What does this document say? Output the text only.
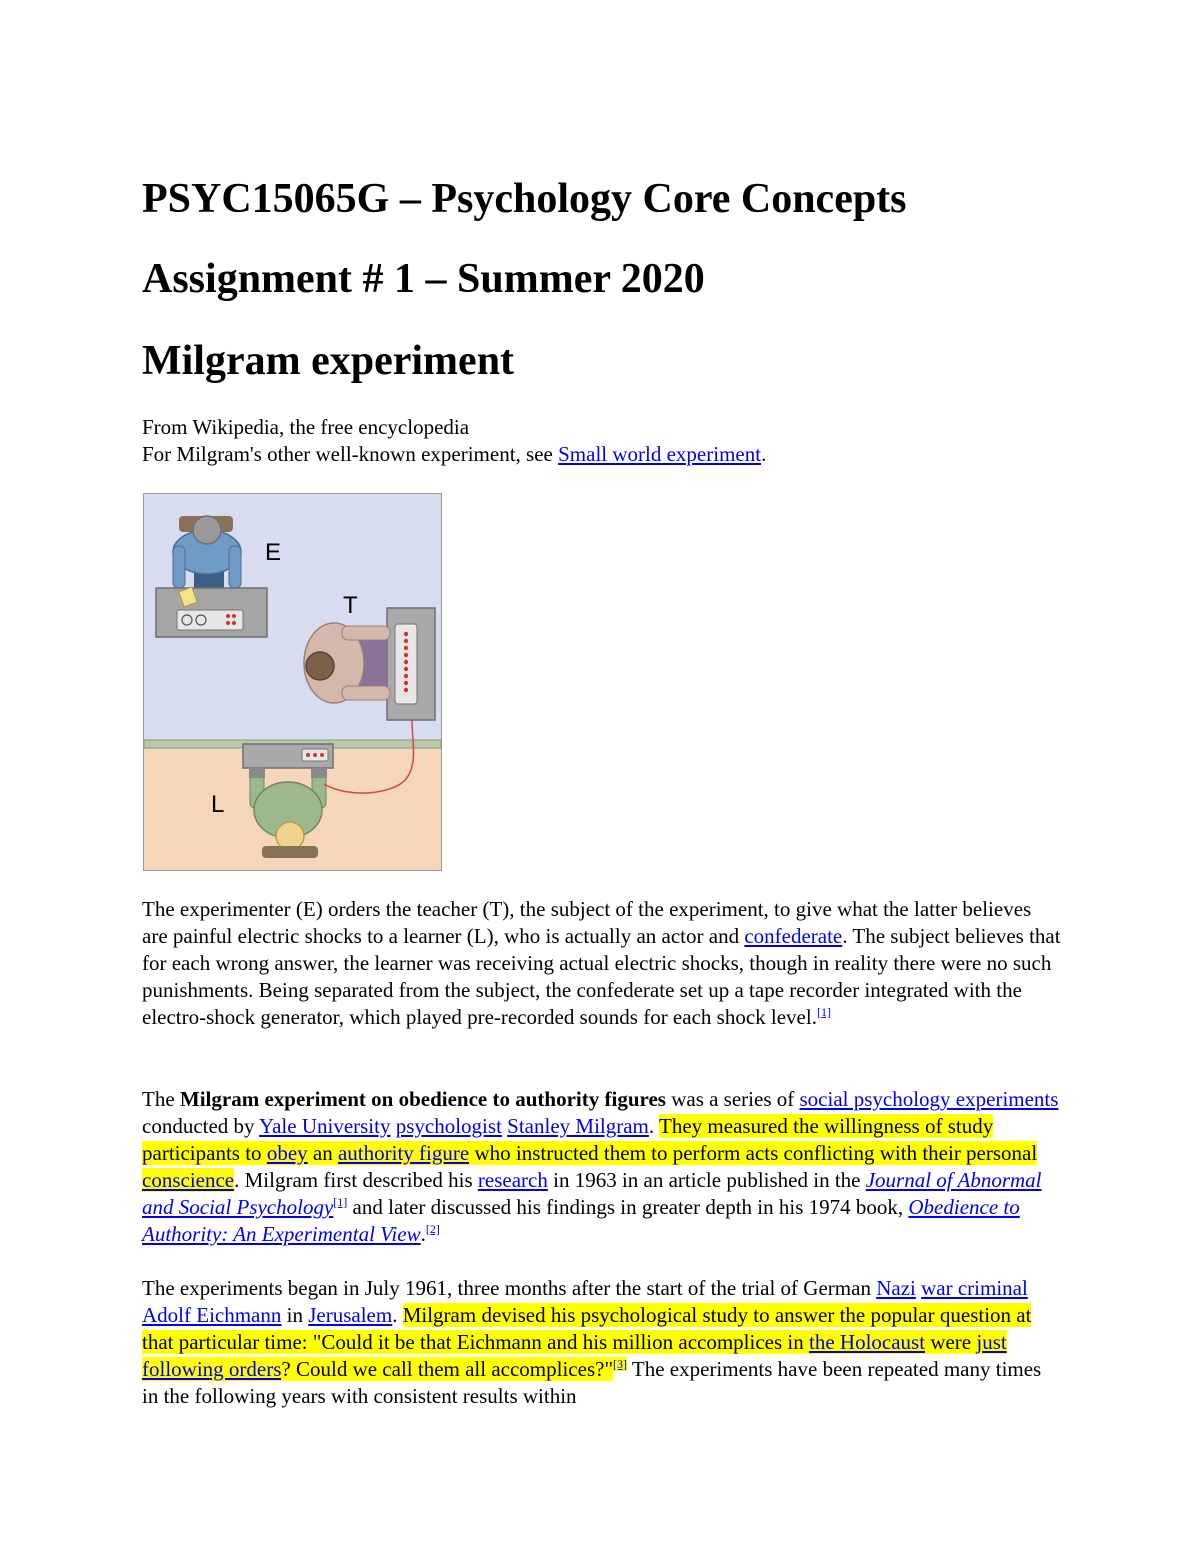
PSYC15065G – Psychology Core Concepts
Assignment # 1 – Summer 2020
Milgram experiment
From Wikipedia, the free encyclopedia
For Milgram's other well-known experiment, see Small world experiment.
E
T
L

The experimenter (E) orders the teacher (T), the subject of the experiment, to give what the latter believes are painful electric shocks to a learner (L), who is actually an actor and confederate. The subject believes that for each wrong answer, the learner was receiving actual electric shocks, though in reality there were no such punishments. Being separated from the subject, the confederate set up a tape recorder integrated with the electro-shock generator, which played pre-recorded sounds for each shock level.[1]

The Milgram experiment on obedience to authority figures was a series of social psychology experiments conducted by Yale University psychologist Stanley Milgram. They measured the willingness of study participants to obey an authority figure who instructed them to perform acts conflicting with their personal conscience. Milgram first described his research in 1963 in an article published in the Journal of Abnormal and Social Psychology[1] and later discussed his findings in greater depth in his 1974 book, Obedience to Authority: An Experimental View.[2]

The experiments began in July 1961, three months after the start of the trial of German Nazi war criminal Adolf Eichmann in Jerusalem. Milgram devised his psychological study to answer the popular question at that particular time: "Could it be that Eichmann and his million accomplices in the Holocaust were just following orders? Could we call them all accomplices?"[3] The experiments have been repeated many times in the following years with consistent results within
